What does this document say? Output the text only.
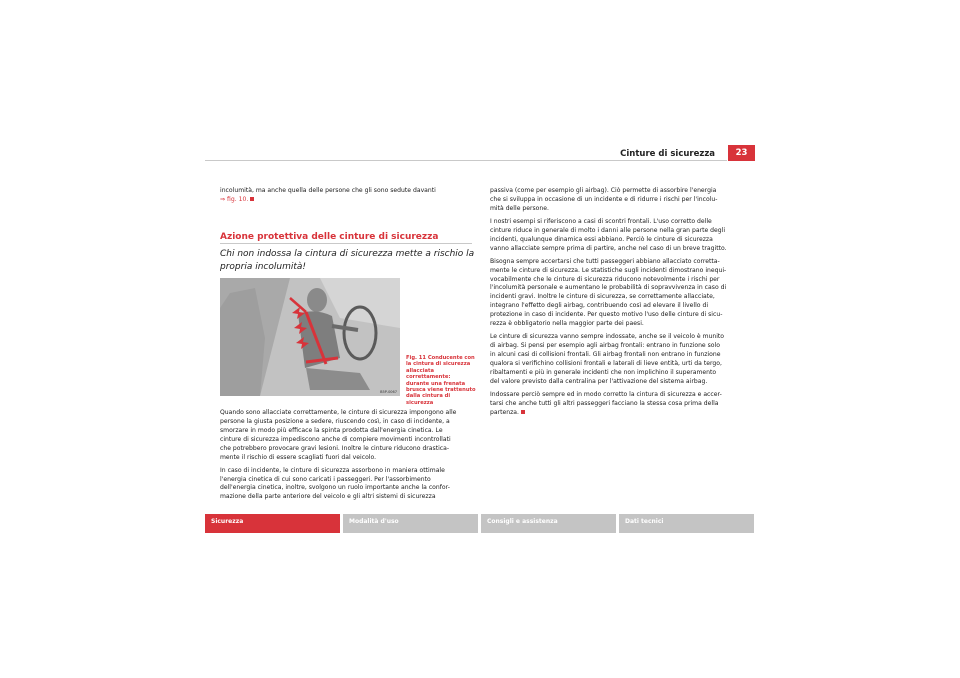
Cinture di sicurezza	23

incolumità, ma anche quella delle persone che gli sono sedute davanti
⇒ fig. 10.

Azione protettiva delle cinture di sicurezza
Chi non indossa la cintura di sicurezza mette a rischio la
propria incolumità!
B5P-0067
Fig. 11 Conducente con
la cintura di sicurezza
allacciata correttamente:
durante una frenata
brusca viene trattenuto
dalla cintura di sicurezza

Quando sono allacciate correttamente, le cinture di sicurezza impongono alle
persone la giusta posizione a sedere, riuscendo così, in caso di incidente, a
smorzare in modo più efficace la spinta prodotta dall'energia cinetica. Le
cinture di sicurezza impediscono anche di compiere movimenti incontrollati
che potrebbero provocare gravi lesioni. Inoltre le cinture riducono drastica-
mente il rischio di essere scagliati fuori dal veicolo.

In caso di incidente, le cinture di sicurezza assorbono in maniera ottimale
l'energia cinetica di cui sono caricati i passeggeri. Per l'assorbimento
dell'energia cinetica, inoltre, svolgono un ruolo importante anche la confor-
mazione della parte anteriore del veicolo e gli altri sistemi di sicurezza

passiva (come per esempio gli airbag). Ciò permette di assorbire l'energia
che si sviluppa in occasione di un incidente e di ridurre i rischi per l'incolu-
mità delle persone.

I nostri esempi si riferiscono a casi di scontri frontali. L'uso corretto delle
cinture riduce in generale di molto i danni alle persone nella gran parte degli
incidenti, qualunque dinamica essi abbiano. Perciò le cinture di sicurezza
vanno allacciate sempre prima di partire, anche nel caso di un breve tragitto.

Bisogna sempre accertarsi che tutti passeggeri abbiano allacciato corretta-
mente le cinture di sicurezza. Le statistiche sugli incidenti dimostrano inequi-
vocabilmente che le cinture di sicurezza riducono notevolmente i rischi per
l'incolumità personale e aumentano le probabilità di sopravvivenza in caso di
incidenti gravi. Inoltre le cinture di sicurezza, se correttamente allacciate,
integrano l'effetto degli airbag, contribuendo così ad elevare il livello di
protezione in caso di incidente. Per questo motivo l'uso delle cinture di sicu-
rezza è obbligatorio nella maggior parte dei paesi.

Le cinture di sicurezza vanno sempre indossate, anche se il veicolo è munito
di airbag. Si pensi per esempio agli airbag frontali: entrano in funzione solo
in alcuni casi di collisioni frontali. Gli airbag frontali non entrano in funzione
qualora si verifichino collisioni frontali e laterali di lieve entità, urti da tergo,
ribaltamenti e più in generale incidenti che non implichino il superamento
del valore previsto dalla centralina per l'attivazione del sistema airbag.

Indossare perciò sempre ed in modo corretto la cintura di sicurezza e accer-
tarsi che anche tutti gli altri passeggeri facciano la stessa cosa prima della
partenza.

Sicurezza	Modalità d'uso	Consigli e assistenza	Dati tecnici
